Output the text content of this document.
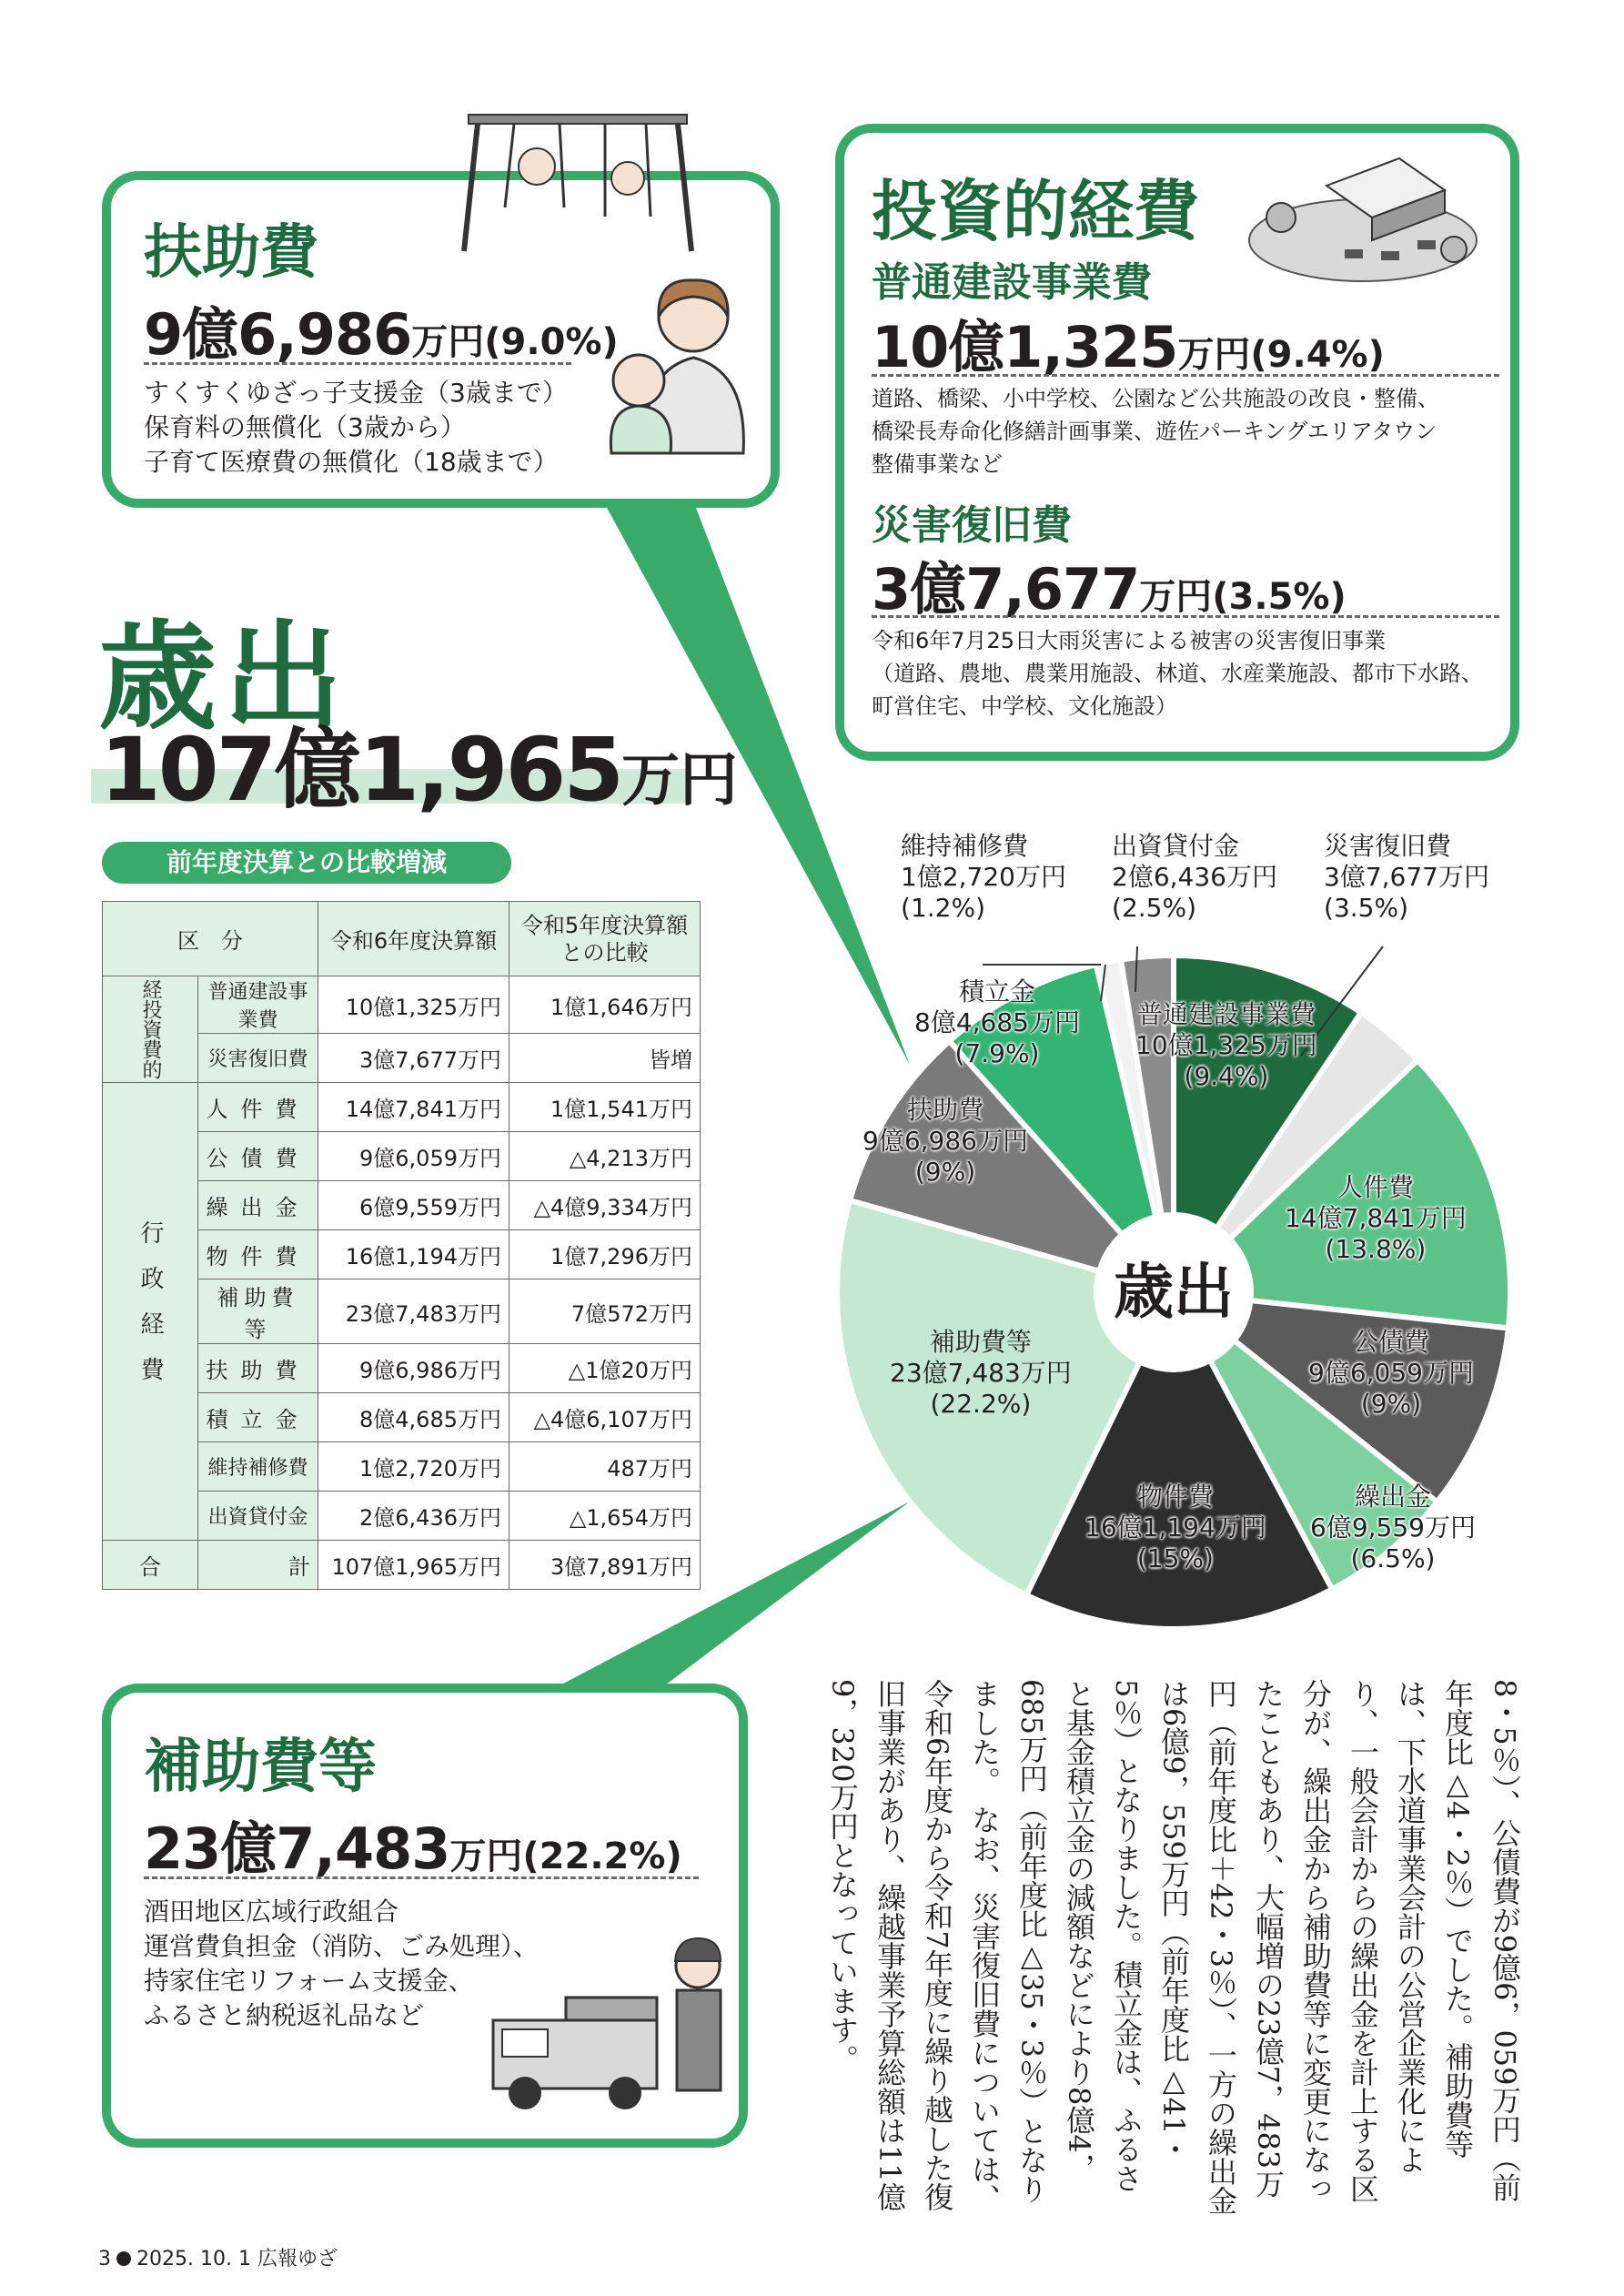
扶助費
9億6,986万円(9.0%)
すくすくゆざっ子支援金（3歳まで）
保育料の無償化（3歳から）
子育て医療費の無償化（18歳まで）
投資的経費
普通建設事業費
10億1,325万円(9.4%)
道路、橋梁、小中学校、公園など公共施設の改良・整備、
橋梁長寿命化修繕計画事業、遊佐パーキングエリアタウン
整備事業など
災害復旧費
3億7,677万円(3.5%)
令和6年7月25日大雨災害による被害の災害復旧事業
（道路、農地、農業用施設、林道、水産業施設、都市下水路、
町営住宅、中学校、文化施設）
歳出
107億1,965万円
前年度決算との比較増減
区　分		令和6年度決算額	令和5年度決算額との比較
経投資費的	普通建設事業費	10億1,325万円	1億1,646万円
	災害復旧費	3億7,677万円	皆増
行政経費	人件費	14億7,841万円	1億1,541万円
	公債費	9億6,059万円	△4,213万円
	繰出金	6億9,559万円	△4億9,334万円
	物件費	16億1,194万円	1億7,296万円
	補助費等	23億7,483万円	7億572万円
	扶助費	9億6,986万円	△1億20万円
	積立金	8億4,685万円	△4億6,107万円
	維持補修費	1億2,720万円	487万円
	出資貸付金	2億6,436万円	△1,654万円
合	計	107億1,965万円	3億7,891万円
歳出
維持補修費
1億2,720万円
(1.2%)
出資貸付金
2億6,436万円
(2.5%)
災害復旧費
3億7,677万円
(3.5%)
普通建設事業費
10億1,325万円
(9.4%)
積立金
8億4,685万円
(7.9%)
扶助費
9億6,986万円
(9%)
人件費
14億7,841万円
(13.8%)
公債費
9億6,059万円
(9%)
繰出金
6億9,559万円
(6.5%)
物件費
16億1,194万円
(15%)
補助費等
23億7,483万円
(22.2%)
補助費等
23億7,483万円(22.2%)
酒田地区広域行政組合
運営費負担金（消防、ごみ処理）、
持家住宅リフォーム支援金、
ふるさと納税返礼品など	8・5％）、公債費が9億6，059万円（前年度比△4・2％）でした。補助費等は、下水道事業会計の公営企業化により、一般会計からの繰出金を計上する区分が、繰出金から補助費等に変更になったこともあり、大幅増の23億7，483万円（前年度比＋42・3％）、一方の繰出金は6億9，559万円（前年度比△41・5％）となりました。積立金は、ふるさと基金積立金の減額などにより8億4，685万円（前年度比△35・3％）となりました。 なお、災害復旧費については、令和6年度から令和7年度に繰り越した復旧事業があり、繰越事業予算総額は11億9，320万円となっています。
3 2025. 10. 1 広報ゆざ
